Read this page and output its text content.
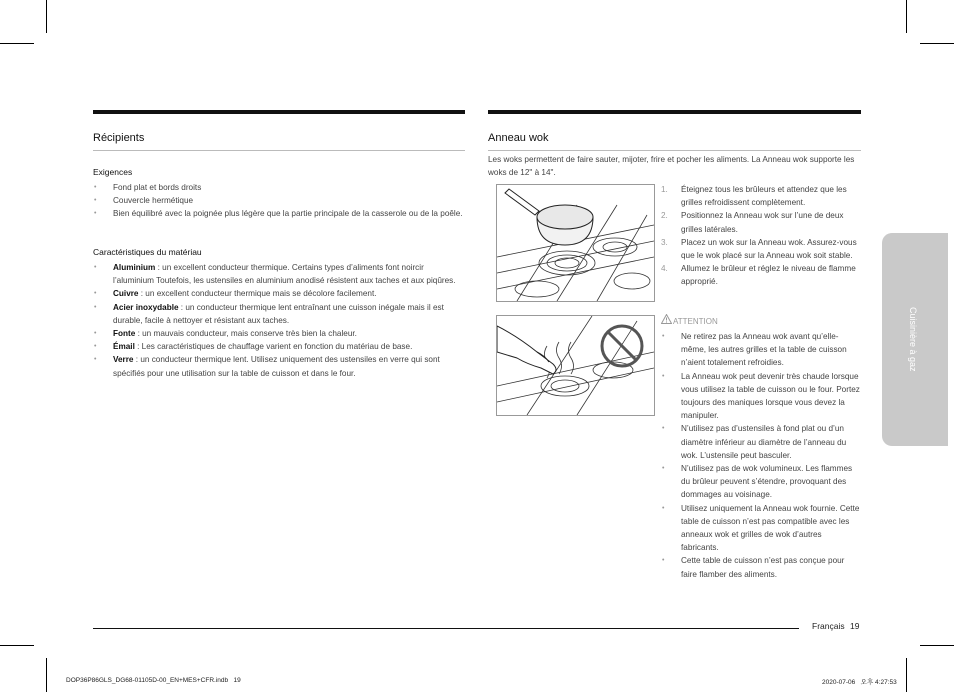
Récipients
Exigences
• Fond plat et bords droits
• Couvercle hermétique
• Bien équilibré avec la poignée plus légère que la partie principale de la casserole ou de la poêle.
Caractéristiques du matériau
• Aluminium : un excellent conducteur thermique. Certains types d’aliments font noircir l’aluminium Toutefois, les ustensiles en aluminium anodisé résistent aux taches et aux piqûres.
• Cuivre : un excellent conducteur thermique mais se décolore facilement.
• Acier inoxydable : un conducteur thermique lent entraînant une cuisson inégale mais il est durable, facile à nettoyer et résistant aux taches.
• Fonte : un mauvais conducteur, mais conserve très bien la chaleur.
• Émail : Les caractéristiques de chauffage varient en fonction du matériau de base.
• Verre : un conducteur thermique lent. Utilisez uniquement des ustensiles en verre qui sont spécifiés pour une utilisation sur la table de cuisson et dans le four.
Anneau wok
Les woks permettent de faire sauter, mijoter, frire et pocher les aliments. La Anneau wok supporte les woks de 12" à 14".
1. Éteignez tous les brûleurs et attendez que les grilles refroidissent complètement.
2. Positionnez la Anneau wok sur l’une de deux grilles latérales.
3. Placez un wok sur la Anneau wok. Assurez-vous que le wok placé sur la Anneau wok soit stable.
4. Allumez le brûleur et réglez le niveau de flamme approprié.
ATTENTION
• Ne retirez pas la Anneau wok avant qu’elle-même, les autres grilles et la table de cuisson n’aient totalement refroidies.
• La Anneau wok peut devenir très chaude lorsque vous utilisez la table de cuisson ou le four. Portez toujours des maniques lorsque vous devez la manipuler.
• N’utilisez pas d’ustensiles à fond plat ou d’un diamètre inférieur au diamètre de l’anneau du wok. L’ustensile peut basculer.
• N’utilisez pas de wok volumineux. Les flammes du brûleur peuvent s’étendre, provoquant des dommages au voisinage.
• Utilisez uniquement la Anneau wok fournie. Cette table de cuisson n’est pas compatible avec les anneaux wok et grilles de wok d’autres fabricants.
• Cette table de cuisson n’est pas conçue pour faire flamber des aliments.
Cuisinière à gaz
Français 19
DOP36P86GLS_DG68-01105D-00_EN+MES+CFR.indb   19	2020-07-06   오후 4:27:53
